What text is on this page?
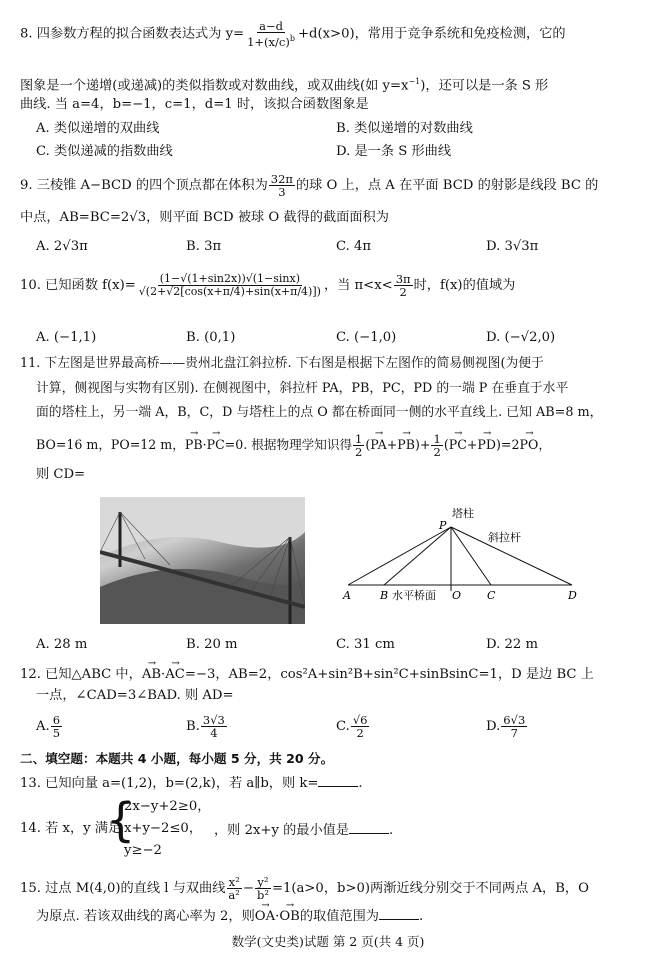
8. 四参数方程的拟合函数表达式为 $y= \frac{a-d}{1+(x/c)^b} +d(x>0)$，常用于竞争系统和免疫检测，它的
图象是一个递增(或递减)的类似指数或对数曲线，或双曲线(如 $y=x^{-1}$)，还可以是一条 S 形
曲线. 当 a=4，b=−1，c=1，d=1 时，该拟合函数图象是
A. 类似递增的双曲线	B. 类似递增的对数曲线
C. 类似递减的指数曲线	D. 是一条 S 形曲线
9. 三棱锥 A−BCD 的四个顶点都在体积为 $\frac{32\pi}{3}$ 的球 O 上，点 A 在平面 BCD 的射影是线段 BC 的
中点，AB=BC=2√3，则平面 BCD 被球 O 截得的截面面积为
A. 2√3π	B. 3π	C. 4π	D. 3√3π
10. 已知函数 $f(x)= \frac{(1-√(1+\sin 2x))√(1-\sin x)}{√(2+√2[\cos(x+\pi/4)+\sin(x+\pi/4)])}$ ，当 $\pi<x< \frac{3\pi}{2}$ 时，f(x)的值域为
A. (−1,1)	B. (0,1)	C. (−1,0)	D. (−√2,0)
11. 下左图是世界最高桥——贵州北盘江斜拉桥. 下右图是根据下左图作的简易侧视图(为便于
计算，侧视图与实物有区别). 在侧视图中，斜拉杆 PA，PB，PC，PD 的一端 P 在垂直于水平
面的塔柱上，另一端 A，B，C，D 与塔柱上的点 O 都在桥面同一侧的水平直线上. 已知 AB=8 m，
BO=16 m，PO=12 m，→ PB·→ PC=0. 根据物理学知识得 $\frac{1}{2}$ (→ $PA+\to PB)+ \frac{1}{2}$ (→ PC+→ PD)=2→ PO，
则 CD=
塔柱
斜拉杆
P
A	B 水平桥面 O C	D
A. 28 m	B. 20 m	C. 31 cm	D. 22 m
12. 已知△ABC 中，→ AB·→ AC=−3，AB=2，cos²A+sin²B+sin²C+sinBsinC=1，D 是边 BC 上
一点，∠CAD=3∠BAD. 则 AD=
A. $\frac{6}{5}$	B. $\frac{3√3}{4}$	C. $\frac{√6}{2}$	D. $\frac{6√3}{7}$
二、填空题：本题共 4 小题，每小题 5 分，共 20 分。
13. 已知向量 a=(1,2)，b=(2,k)，若 a∥b，则 k=	.
14. 若 x，y 满足
{
2x−y+2≥0，
x+y−2≤0，
y≥−2
，则 2x+y 的最小值是	.
15. 过点 M(4,0)的直线 l 与双曲线 $\frac{\text{x²}}{\text{a²}} - \frac{\text{y²}}{\text{b²}} =1(a>0$，b>0)两渐近线分别交于不同两点 A，B，O
为原点. 若该双曲线的离心率为 2，则→ OA·→ OB的取值范围为	.
数学(文史类)试题 第 2 页(共 4 页)
